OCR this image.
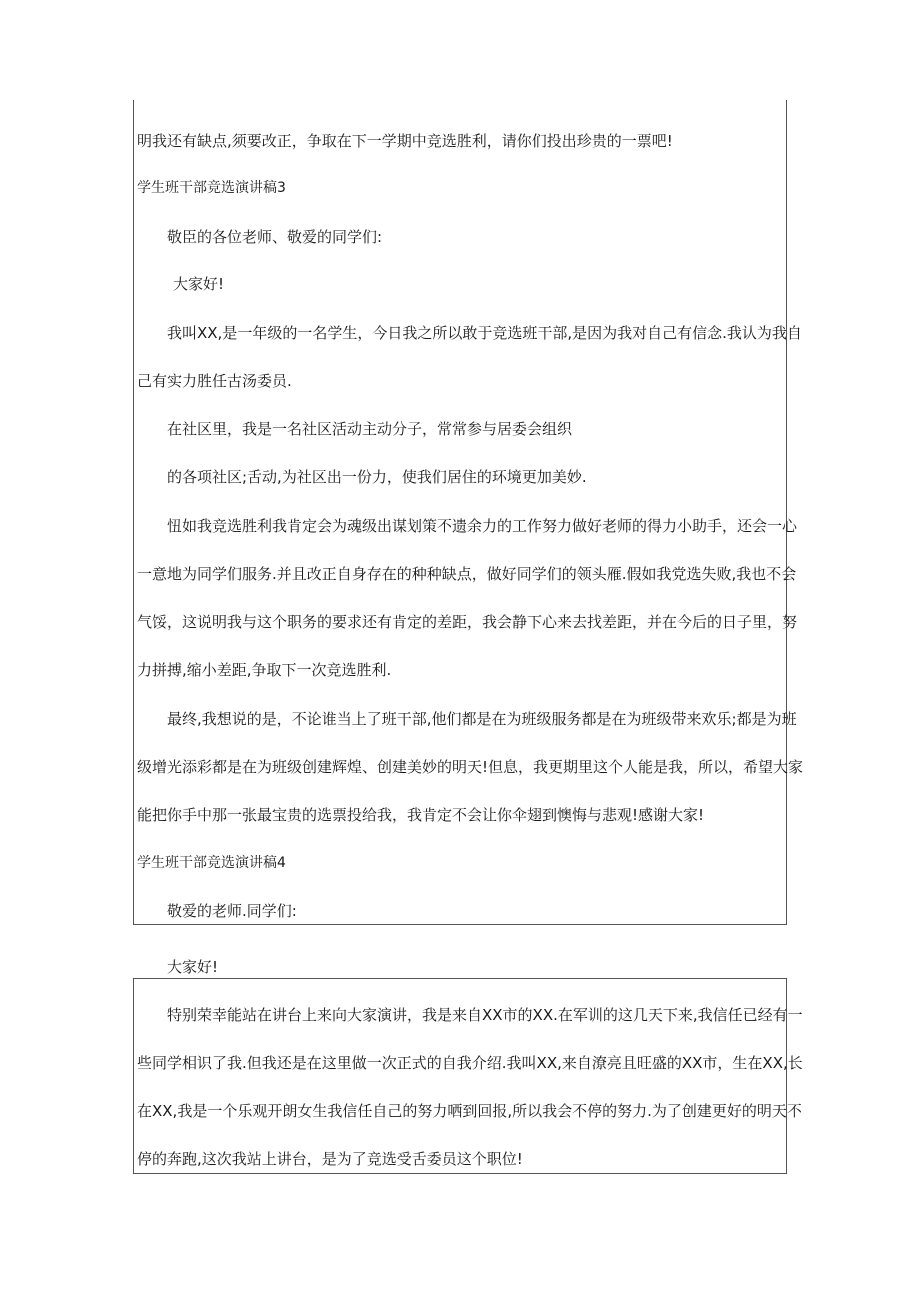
明我还有缺点,须要改正，争取在下一学期中竞选胜利，请你们投出珍贵的一票吧!
学生班干部竞选演讲稿3
敬臣的各位老师、敬爱的同学们:
大家好!
我叫XX,是一年级的一名学生，今日我之所以敢于竞选班干部,是因为我对自己有信念.我认为我自
己有实力胜任古汤委员.
在社区里，我是一名社区活动主动分子，常常参与居委会组织
的各项社区;舌动,为社区出一份力，使我们居住的环境更加美妙.
忸如我竞选胜利我肯定会为魂级出谋划策不遗余力的工作努力做好老师的得力小助手，还会一心
一意地为同学们服务.并且改正自身存在的种种缺点，做好同学们的领头雁.假如我党选失败,我也不会
气馁，这说明我与这个职务的要求还有肯定的差距，我会静下心来去找差距，并在今后的日子里，努
力拼搏,缩小差距,争取下一次竞选胜利.
最终,我想说的是，不论谁当上了班干部,他们都是在为班级服务都是在为班级带来欢乐;都是为班
级增光添彩都是在为班级创建辉煌、创建美妙的明天!但息，我更期里这个人能是我，所以，希望大家
能把你手中那一张最宝贵的选票投给我，我肯定不会让你伞翅到懊悔与悲观!感谢大家!
学生班干部竞选演讲稿4
敬爱的老师.同学们:
大家好!
特别荣幸能站在讲台上来向大家演讲，我是来自XX市的XX.在军训的这几天下来,我信任已经有一
些同学相识了我.但我还是在这里做一次正式的自我介绍.我叫XX,来自潦亮且旺盛的XX市，生在XX,长
在XX,我是一个乐观开朗女生我信任自己的努力哂到回报,所以我会不停的努力.为了创建更好的明天不
停的奔跑,这次我站上讲台，是为了竞选受舌委员这个职位!
